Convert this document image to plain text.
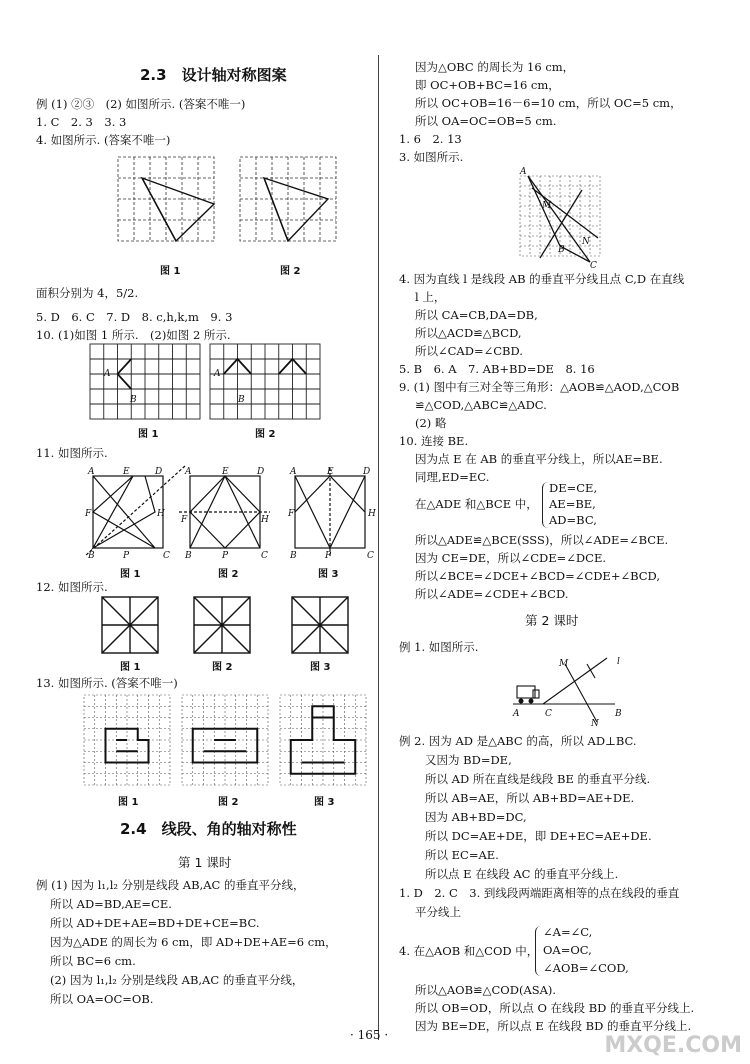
2.3　设计轴对称图案
例 (1) ②③　(2) 如图所示. (答案不唯一)
1. C　2. 3　3. 3
4. 如图所示. (答案不唯一)
图 1	图 2
面积分别为 4，5/2.
5. D　6. C　7. D　8. c,h,k,m　9. 3
10. (1)如图 1 所示.　(2)如图 2 所示.
A
B
A
B
图 1	图 2
11. 如图所示.
A	E	D
F	H
B	P	C
A	E	D
F	H
B	P	C
A	E	D
F	H
B	P	C
图 1	图 2	图 3
12. 如图所示.
图 1	图 2	图 3
13. 如图所示. (答案不唯一)
图 1	图 2	图 3
2.4　线段、角的轴对称性
第 1 课时
例 (1) 因为 l₁,l₂ 分别是线段 AB,AC 的垂直平分线，
所以 AD=BD,AE=CE.
所以 AD+DE+AE=BD+DE+CE=BC.
因为△ADE 的周长为 6 cm，即 AD+DE+AE=6 cm，
所以 BC=6 cm.
(2) 因为 l₁,l₂ 分别是线段 AB,AC 的垂直平分线，
所以 OA=OC=OB.
因为△OBC 的周长为 16 cm，
即 OC+OB+BC=16 cm，
所以 OC+OB=16－6=10 cm，所以 OC=5 cm，
所以 OA=OC=OB=5 cm.
1. 6　2. 13
3. 如图所示.
A
M
B
N
C
4. 因为直线 l 是线段 AB 的垂直平分线且点 C,D 在直线
l 上，
所以 CA=CB,DA=DB,
所以△ACD≌△BCD,
所以∠CAD=∠CBD.
5. B　6. A　7. AB+BD=DE　8. 16
9. (1) 图中有三对全等三角形：△AOB≌△AOD,△COB
≌△COD,△ABC≌△ADC.
(2) 略
10. 连接 BE.
因为点 E 在 AB 的垂直平分线上，所以AE=BE.
同理,ED=EC.
在△ADE 和△BCE 中，
DE=CE,
AE=BE,
AD=BC,
所以△ADE≌△BCE(SSS)，所以∠ADE=∠BCE.
因为 CE=DE，所以∠CDE=∠DCE.
所以∠BCE=∠DCE+∠BCD=∠CDE+∠BCD,
所以∠ADE=∠CDE+∠BCD.
第 2 课时
例 1. 如图所示.
M	l
A	C
N
B
例 2. 因为 AD 是△ABC 的高，所以 AD⊥BC.
又因为 BD=DE,
所以 AD 所在直线是线段 BE 的垂直平分线.
所以 AB=AE，所以 AB+BD=AE+DE.
因为 AB+BD=DC,
所以 DC=AE+DE，即 DE+EC=AE+DE.
所以 EC=AE.
所以点 E 在线段 AC 的垂直平分线上.
1. D　2. C　3. 到线段两端距离相等的点在线段的垂直
平分线上
4. 在△AOB 和△COD 中，
∠A=∠C,
OA=OC,
∠AOB=∠COD,
所以△AOB≌△COD(ASA).
所以 OB=OD，所以点 O 在线段 BD 的垂直平分线上.
因为 BE=DE，所以点 E 在线段 BD 的垂直平分线上.
· 165 ·	MXQE.COM
